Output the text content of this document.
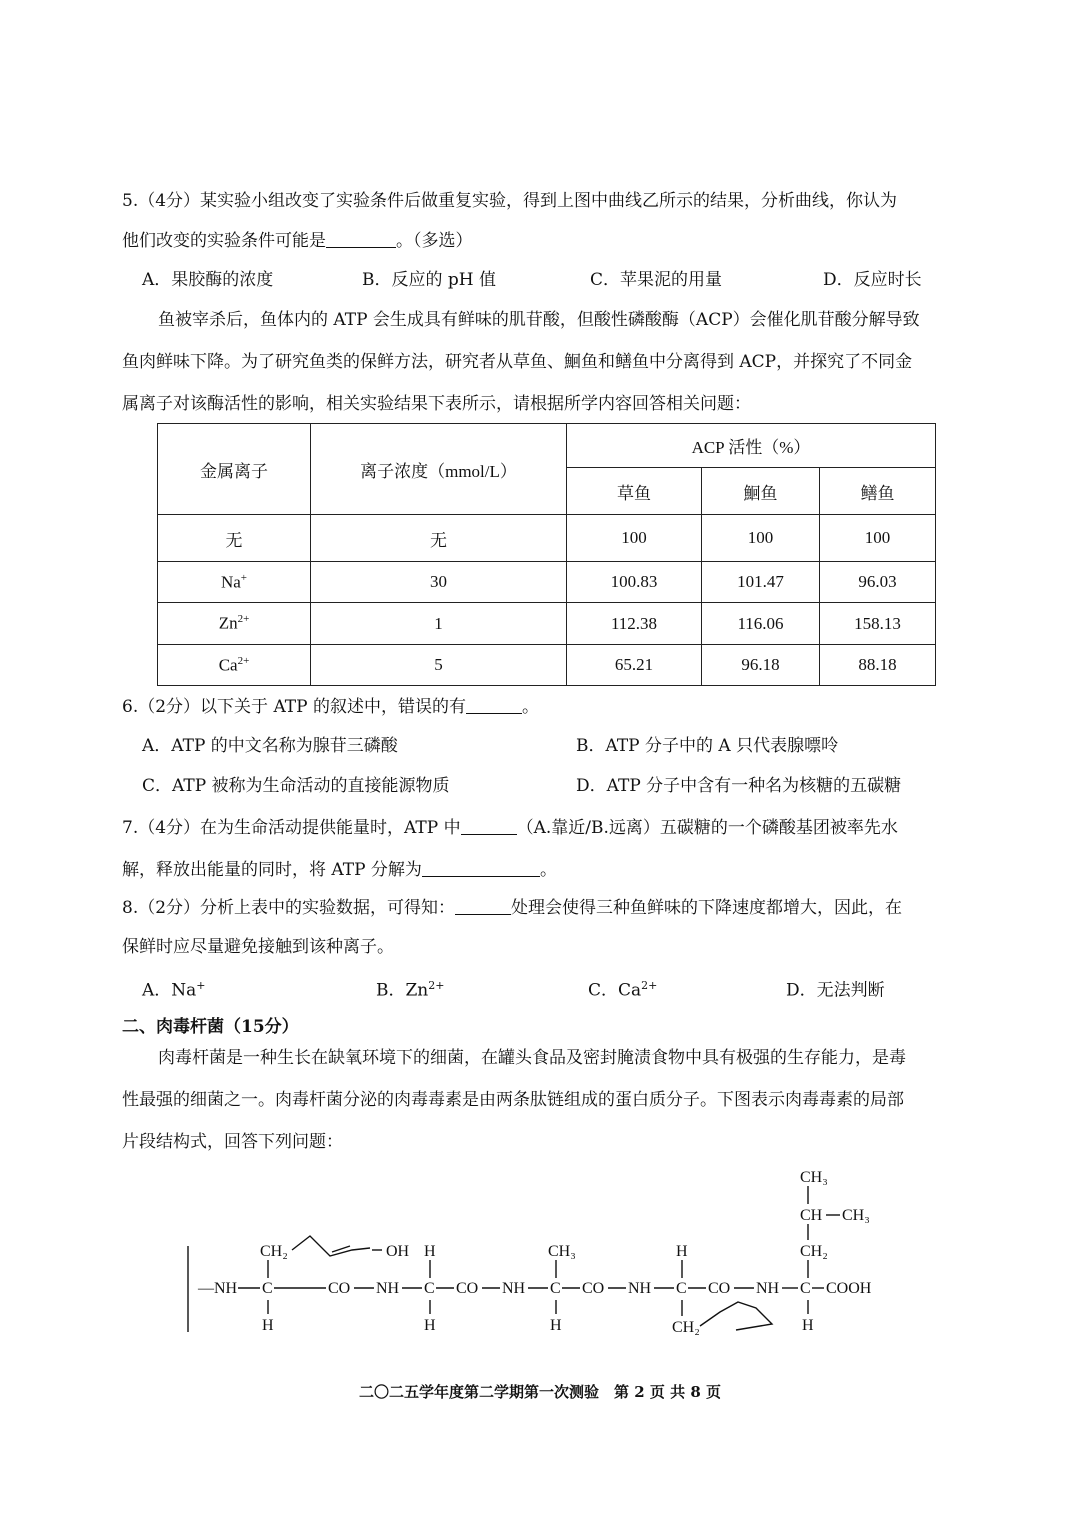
5.（4分）某实验小组改变了实验条件后做重复实验，得到上图中曲线乙所示的结果，分析曲线，你认为
他们改变的实验条件可能是	。（多选）
A．果胶酶的浓度	B．反应的 pH 值	C．苹果泥的用量	D．反应时长
鱼被宰杀后，鱼体内的 ATP 会生成具有鲜味的肌苷酸，但酸性磷酸酶（ACP）会催化肌苷酸分解导致
鱼肉鲜味下降。为了研究鱼类的保鲜方法，研究者从草鱼、鮰鱼和鳝鱼中分离得到 ACP，并探究了不同金
属离子对该酶活性的影响，相关实验结果下表所示，请根据所学内容回答相关问题：
金属离子	离子浓度（mmol/L）	ACP 活性（%）		
		草鱼	鮰鱼	鳝鱼
无	无	100	100	100
Na+	30	100.83	101.47	96.03
$Zn^{2+}$	1	112.38	116.06	158.13
$Ca^{2+}$	5	65.21	96.18	88.18
6.（2分）以下关于 ATP 的叙述中，错误的有	。
A．ATP 的中文名称为腺苷三磷酸	B．ATP 分子中的 A 只代表腺嘌呤
C．ATP 被称为生命活动的直接能源物质	D．ATP 分子中含有一种名为核糖的五碳糖
7.（4分）在为生命活动提供能量时，ATP 中	（A.靠近/B.远离）五碳糖的一个磷酸基团被率先水
解，释放出能量的同时，将 ATP 分解为	。
8.（2分）分析上表中的实验数据，可得知：	处理会使得三种鱼鲜味的下降速度都增大，因此，在
保鲜时应尽量避免接触到该种离子。
A．Na+	B．$Zn^{2+}$	C．$Ca^{2+}$	D．无法判断
二、肉毒杆菌（15分）
肉毒杆菌是一种生长在缺氧环境下的细菌，在罐头食品及密封腌渍食物中具有极强的生存能力，是毒
性最强的细菌之一。肉毒杆菌分泌的肉毒毒素是由两条肽链组成的蛋白质分子。下图表示肉毒毒素的局部
片段结构式，回答下列问题：
—NH C	CO NH C CO NH C CO NH C CO NH C COOH
CH₂
H
OH H
H
CH₃
H
H
CH₂
CH₃
CH CH₃
CH₂
H
二〇二五学年度第二学期第一次测验　第 2 页 共 8 页
